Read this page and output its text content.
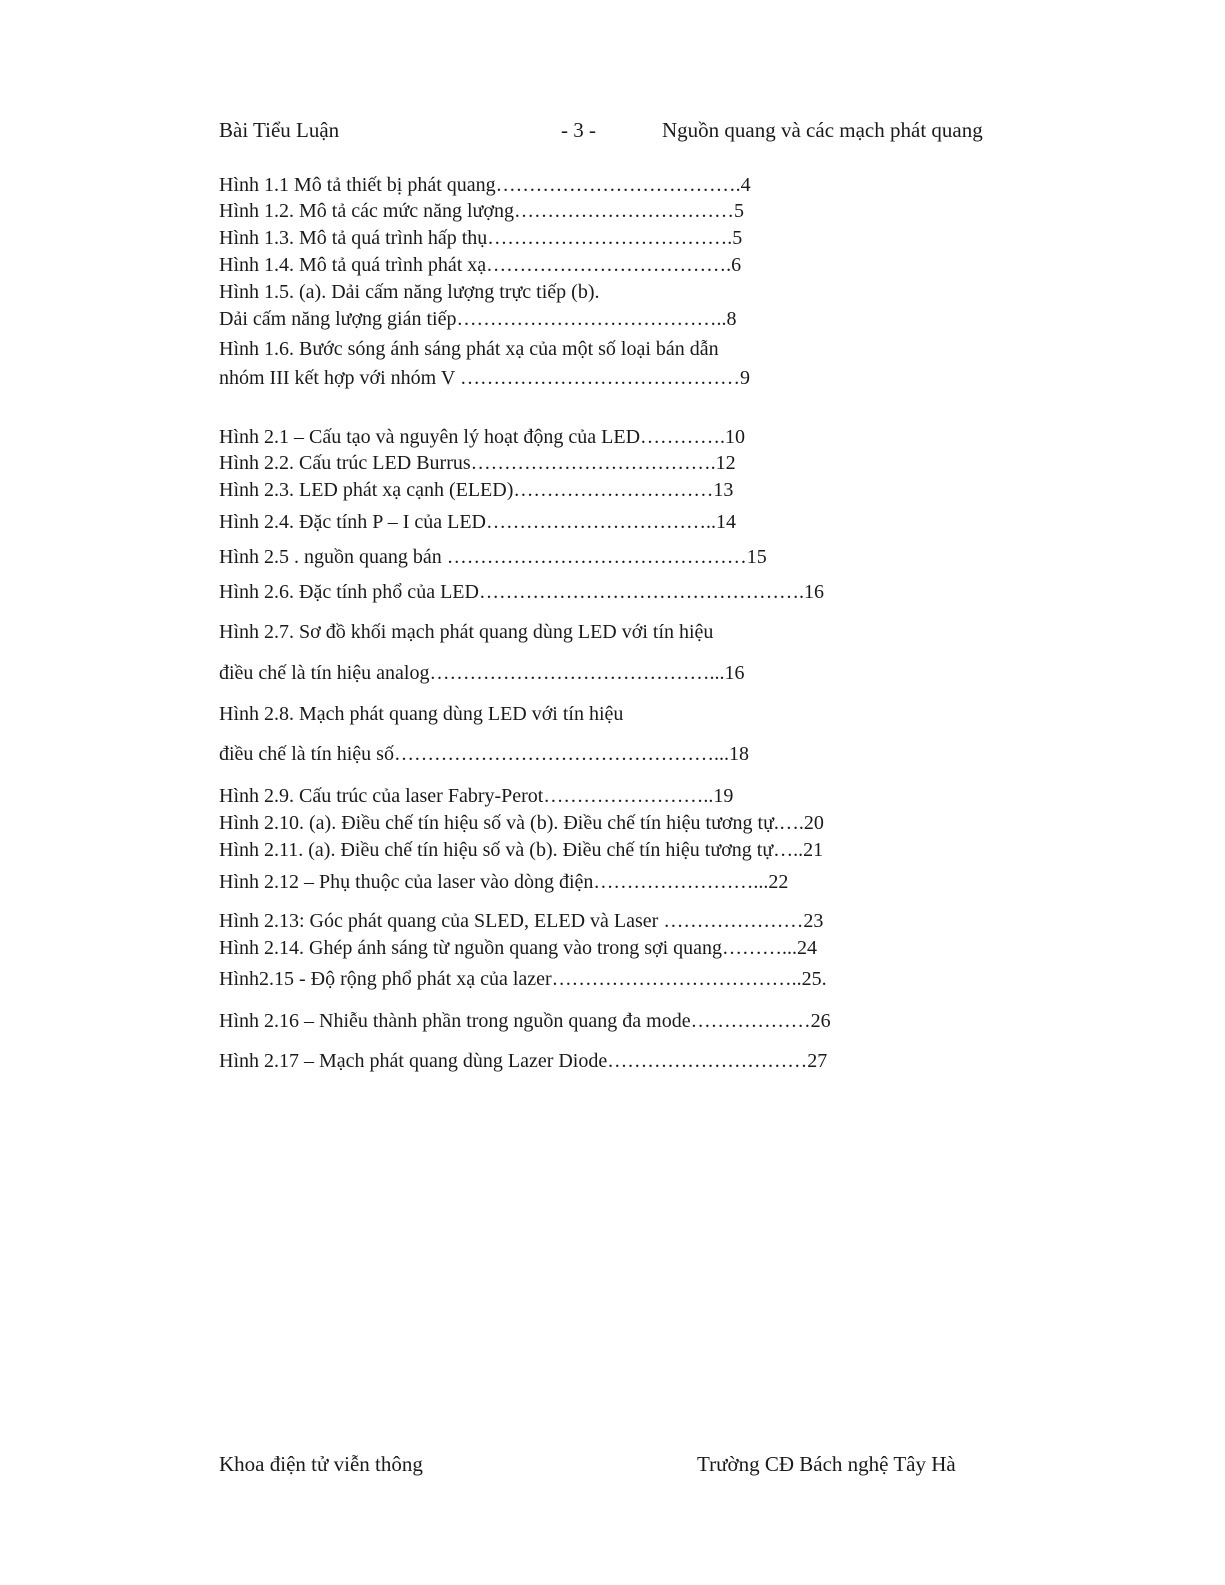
Bài Tiểu Luận	- 3 -	Nguồn quang và các mạch phát quang
Hình 1.1 Mô tả thiết bị phát quang……………………………….4
Hình 1.2. Mô tả các mức năng lượng……………………………5
Hình 1.3. Mô tả quá trình hấp thụ……………………………….5
Hình 1.4. Mô tả quá trình phát xạ……………………………….6
Hình 1.5. (a). Dải cấm năng lượng trực tiếp (b).
Dải cấm năng lượng gián tiếp…………………………………..8
Hình 1.6. Bước sóng ánh sáng phát xạ của một số loại bán dẫn
nhóm III kết hợp với nhóm V ……………………………………9
Hình 2.1 – Cấu tạo và nguyên lý hoạt động của LED………….10
Hình 2.2. Cấu trúc LED Burrus……………………………….12
Hình 2.3. LED phát xạ cạnh (ELED)…………………………13
Hình 2.4. Đặc tính P – I của LED……………………………..14
Hình 2.5 . nguồn quang bán ………………………………………15
Hình 2.6. Đặc tính phổ của LED………………………………………….16
Hình 2.7. Sơ đồ khối mạch phát quang dùng LED với tín hiệu
điều chế là tín hiệu analog……………………………………...16
Hình 2.8. Mạch phát quang dùng LED với tín hiệu
điều chế là tín hiệu số…………………………………………...18
Hình 2.9. Cấu trúc của laser Fabry-Perot……………………..19
Hình 2.10. (a). Điều chế tín hiệu số và (b). Điều chế tín hiệu tương tự.….20
Hình 2.11. (a). Điều chế tín hiệu số và (b). Điều chế tín hiệu tương tự…..21
Hình 2.12 – Phụ thuộc của laser vào dòng điện……………………...22
Hình 2.13: Góc phát quang của SLED, ELED và Laser …………………23
Hình 2.14. Ghép ánh sáng từ nguồn quang vào trong sợi quang………...24
Hình2.15 - Độ rộng phổ phát xạ của lazer………………………………..25.
Hình 2.16 – Nhiễu thành phần trong nguồn quang đa mode………………26
Hình 2.17 – Mạch phát quang dùng Lazer Diode…………………………27
Khoa điện tử viễn thông	Trường CĐ Bách nghệ Tây Hà
